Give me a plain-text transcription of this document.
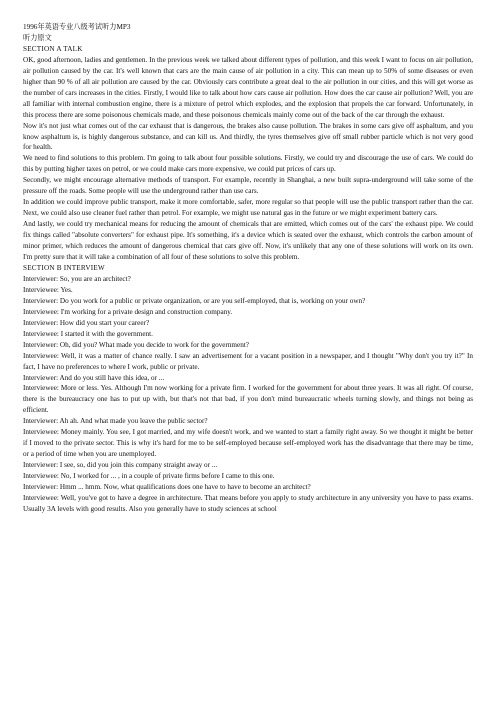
1996年英语专业八级考试听力MP3
听力原文
SECTION A TALK
OK, good afternoon, ladies and gentlemen. In the previous week we talked about different types of pollution, and this week I want to focus on air pollution, air pollution caused by the car. It's well known that cars are the main cause of air pollution in a city. This can mean up to 50% of some diseases or even higher than 90 % of all air pollution are caused by the car. Obviously cars contribute a great deal to the air pollution in our cities, and this will get worse as the number of cars increases in the cities. Firstly, I would like to talk about how cars cause air pollution. How does the car cause air pollution? Well, you are all familiar with internal combustion engine, there is a mixture of petrol which explodes, and the explosion that propels the car forward. Unfortunately, in this process there are some poisonous chemicals made, and these poisonous chemicals mainly come out of the back of the car through the exhaust.
Now it's not just what comes out of the car exhaust that is dangerous, the brakes also cause pollution. The brakes in some cars give off asphaltum, and you know asphaltum is, is highly dangerous substance, and can kill us. And thirdly, the tyres themselves give off small rubber particle which is not very good for health.
We need to find solutions to this problem. I'm going to talk about four possible solutions. Firstly, we could try and discourage the use of cars. We could do this by putting higher taxes on petrol, or we could make cars more expensive, we could put prices of cars up.
Secondly, we might encourage alternative methods of transport. For example, recently in Shanghai, a new built supra-underground will take some of the pressure off the roads. Some people will use the underground rather than use cars.
In addition we could improve public transport, make it more comfortable, safer, more regular so that people will use the public transport rather than the car. Next, we could also use cleaner fuel rather than petrol. For example, we might use natural gas in the future or we might experiment battery cars.
And lastly, we could try mechanical means for reducing the amount of chemicals that are emitted, which comes out of the cars' the exhaust pipe. We could fix things called "absolute converters" for exhaust pipe. It's something, it's a device which is seated over the exhaust, which controls the carbon amount of minor primer, which reduces the amount of dangerous chemical that cars give off. Now, it's unlikely that any one of these solutions will work on its own. I'm pretty sure that it will take a combination of all four of these solutions to solve this problem.
SECTION B INTERVIEW
Interviewer: So, you are an architect?
Interviewee: Yes.
Interviewer: Do you work for a public or private organization, or are you self-employed, that is, working on your own?
Interviewee: I'm working for a private design and construction company.
Interviewer: How did you start your career?
Interviewee: I started it with the government.
Interviewer: Oh, did you? What made you decide to work for the government?
Interviewee: Well, it was a matter of chance really. I saw an advertisement for a vacant position in a newspaper, and I thought "Why don't you try it?" In fact, I have no preferences to where I work, public or private.
Interviewer: And do you still have this idea, or ...
Interviewee: More or less. Yes. Although I'm now working for a private firm. I worked for the government for about three years. It was all right. Of course, there is the bureaucracy one has to put up with, but that's not that bad, if you don't mind bureaucratic wheels turning slowly, and things not being as efficient.
Interviewer: Ah ah. And what made you leave the public sector?
Interviewee: Money mainly. You see, I got married, and my wife doesn't work, and we wanted to start a family right away. So we thought it might be better if I moved to the private sector. This is why it's hard for me to be self-employed because self-employed work has the disadvantage that there may be time, or a period of time when you are unemployed.
Interviewer: I see, so, did you join this company straight away or ...
Interviewee: No, I worked for ... , in a couple of private firms before I came to this one.
Interviewer: Hmm ... hmm. Now, what qualifications does one have to have to become an architect?
Interviewee: Well, you've got to have a degree in architecture. That means before you apply to study architecture in any university you have to pass exams. Usually 3A levels with good results. Also you generally have to study sciences at school
